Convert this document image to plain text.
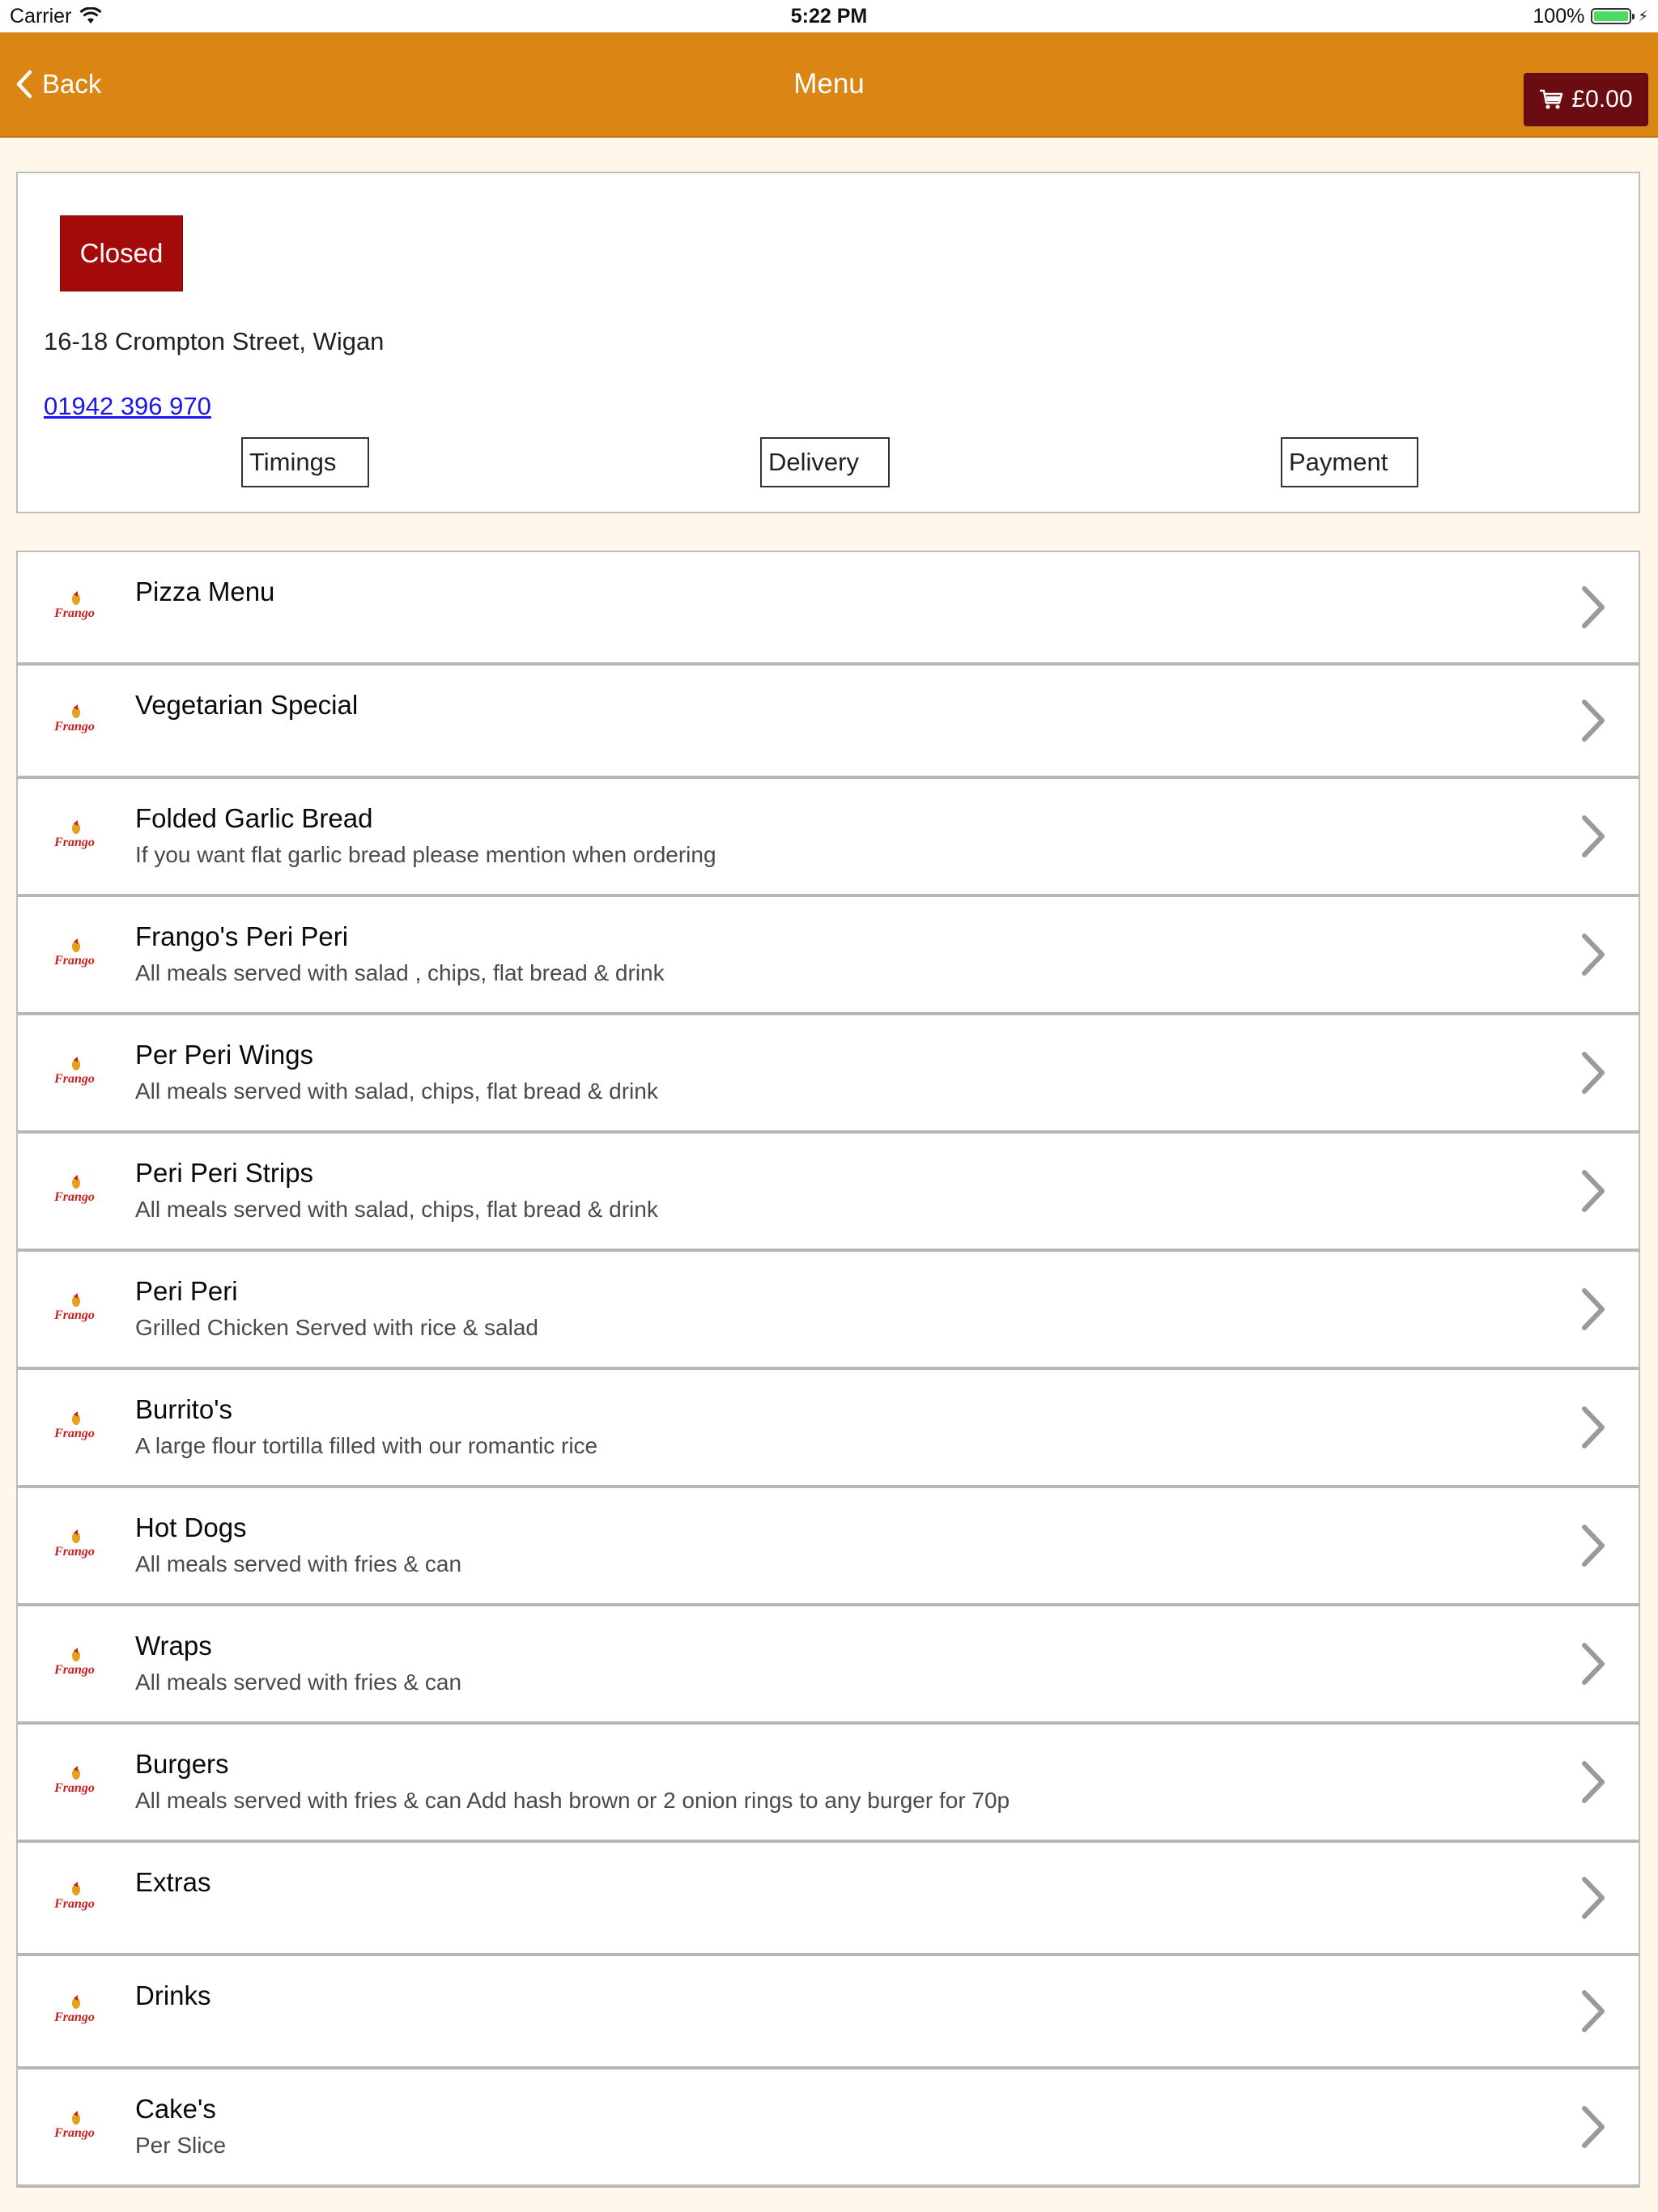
Carrier	5:22 PM	100%	⚡
Back	Menu	£0.00
Closed
16-18 Crompton Street, Wigan
01942 396 970
Timings	Delivery	Payment
Frango
Pizza Menu
Frango
Vegetarian Special
Frango
Folded Garlic Bread
If you want flat garlic bread please mention when ordering
Frango
Frango's Peri Peri
All meals served with salad , chips, flat bread & drink
Frango
Per Peri Wings
All meals served with salad, chips, flat bread & drink
Frango
Peri Peri Strips
All meals served with salad, chips, flat bread & drink
Frango
Peri Peri
Grilled Chicken Served with rice & salad
Frango
Burrito's
A large flour tortilla filled with our romantic rice
Frango
Hot Dogs
All meals served with fries & can
Frango
Wraps
All meals served with fries & can
Frango
Burgers
All meals served with fries & can Add hash brown or 2 onion rings to any burger for 70p
Frango
Extras
Frango
Drinks
Frango
Cake's
Per Slice
